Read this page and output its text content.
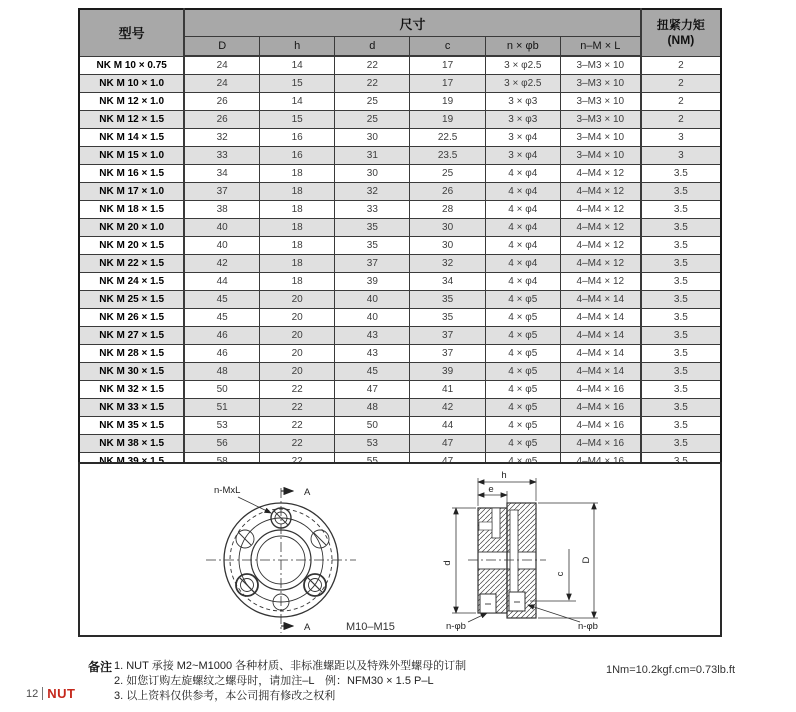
型号	尺寸						扭紧力矩
(NM)

	D	h	d	c	n × φb	n–M × L	
NK M 10 × 0.75	24	14	22	17	3 × φ2.5	3–M3 × 10	2
NK M 10 × 1.0	24	15	22	17	3 × φ2.5	3–M3 × 10	2
NK M 12 × 1.0	26	14	25	19	3 × φ3	3–M3 × 10	2
NK M 12 × 1.5	26	15	25	19	3 × φ3	3–M3 × 10	2
NK M 14 × 1.5	32	16	30	22.5	3 × φ4	3–M4 × 10	3
NK M 15 × 1.0	33	16	31	23.5	3 × φ4	3–M4 × 10	3
NK M 16 × 1.5	34	18	30	25	4 × φ4	4–M4 × 12	3.5
NK M 17 × 1.0	37	18	32	26	4 × φ4	4–M4 × 12	3.5
NK M 18 × 1.5	38	18	33	28	4 × φ4	4–M4 × 12	3.5
NK M 20 × 1.0	40	18	35	30	4 × φ4	4–M4 × 12	3.5
NK M 20 × 1.5	40	18	35	30	4 × φ4	4–M4 × 12	3.5
NK M 22 × 1.5	42	18	37	32	4 × φ4	4–M4 × 12	3.5
NK M 24 × 1.5	44	18	39	34	4 × φ4	4–M4 × 12	3.5
NK M 25 × 1.5	45	20	40	35	4 × φ5	4–M4 × 14	3.5
NK M 26 × 1.5	45	20	40	35	4 × φ5	4–M4 × 14	3.5
NK M 27 × 1.5	46	20	43	37	4 × φ5	4–M4 × 14	3.5
NK M 28 × 1.5	46	20	43	37	4 × φ5	4–M4 × 14	3.5
NK M 30 × 1.5	48	20	45	39	4 × φ5	4–M4 × 14	3.5
NK M 32 × 1.5	50	22	47	41	4 × φ5	4–M4 × 16	3.5
NK M 33 × 1.5	51	22	48	42	4 × φ5	4–M4 × 16	3.5
NK M 35 × 1.5	53	22	50	44	4 × φ5	4–M4 × 16	3.5
NK M 38 × 1.5	56	22	53	47	4 × φ5	4–M4 × 16	3.5

A
A
n-MxL
M10–M15
h
e
d	D
c
n-φb	n-φb
备注 1. NUT 承接 M2~M1000 各种材质、非标准螺距以及特殊外型螺母的订制
2. 如您订购左旋螺纹之螺母时，请加注–L　例：NFM30 × 1.5 P–L
3. 以上资料仅供参考，本公司拥有修改之权利
1Nm=10.2kgf.cm=0.73lb.ft
12 NUT
